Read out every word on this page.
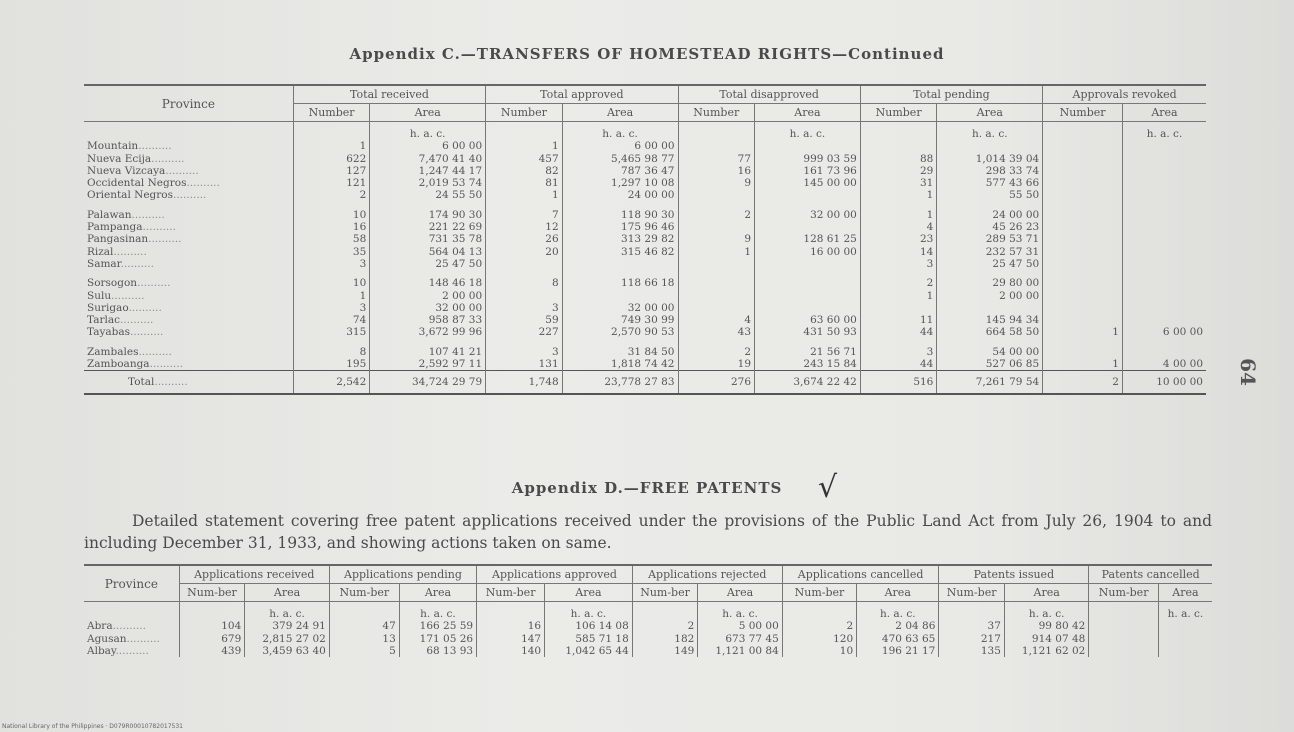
Appendix C.—TRANSFERS OF HOMESTEAD RIGHTS—Continued
Province	Total received		Total approved		Total disapproved		Total pending		Approvals revoked	
	Number	Area	Number	Area	Number	Area	Number	Area	Number	Area
		h. a. c.		h. a. c.		h. a. c.		h. a. c.		h. a. c.
Mountain..........	1	6 00 00	1	6 00 00						
Nueva Ecija..........	622	7,470 41 40	457	5,465 98 77	77	999 03 59	88	1,014 39 04		
Nueva Vizcaya..........	127	1,247 44 17	82	787 36 47	16	161 73 96	29	298 33 74		
Occidental Negros..........	121	2,019 53 74	81	1,297 10 08	9	145 00 00	31	577 43 66		
Oriental Negros..........	2	24 55 50	1	24 00 00			1	55 50		

Palawan..........	10	174 90 30	7	118 90 30	2	32 00 00	1	24 00 00		
Pampanga..........	16	221 22 69	12	175 96 46			4	45 26 23		
Pangasinan..........	58	731 35 78	26	313 29 82	9	128 61 25	23	289 53 71		
Rizal..........	35	564 04 13	20	315 46 82	1	16 00 00	14	232 57 31		
Samar..........	3	25 47 50					3	25 47 50		

Sorsogon..........	10	148 46 18	8	118 66 18			2	29 80 00		
Sulu..........	1	2 00 00					1	2 00 00		
Surigao..........	3	32 00 00	3	32 00 00						
Tarlac..........	74	958 87 33	59	749 30 99	4	63 60 00	11	145 94 34		
Tayabas..........	315	3,672 99 96	227	2,570 90 53	43	431 50 93	44	664 58 50	1	6 00 00

Zambales..........	8	107 41 21	3	31 84 50	2	21 56 71	3	54 00 00		
Zamboanga..........	195	2,592 97 11	131	1,818 74 42	19	243 15 84	44	527 06 85	1	4 00 00
Total..........	2,542	34,724 29 79	1,748	23,778 27 83	276	3,674 22 42	516	7,261 79 54	2	10 00 00
Appendix D.—FREE PATENTS	√
Detailed statement covering free patent applications received under the provisions of the Public Land Act from July 26, 1904 to and including December 31, 1933, and showing actions taken on same.
Province	Applications received		Applications pending		Applications approved		Applications rejected		Applications cancelled		Patents issued		Patents cancelled	
	Num-ber	Area	Num-ber	Area	Num-ber	Area	Num-ber	Area	Num-ber	Area	Num-ber	Area	Num-ber	Area
		h. a. c.		h. a. c.		h. a. c.		h. a. c.		h. a. c.		h. a. c.		h. a. c.
Abra..........	104	379 24 91	47	166 25 59	16	106 14 08	2	5 00 00	2	2 04 86	37	99 80 42		
Agusan..........	679	2,815 27 02	13	171 05 26	147	585 71 18	182	673 77 45	120	470 63 65	217	914 07 48		
Albay..........	439	3,459 63 40	5	68 13 93	140	1,042 65 44	149	1,121 00 84	10	196 21 17	135	1,121 62 02		
64
National Library of the Philippines · D079R00010782017531
